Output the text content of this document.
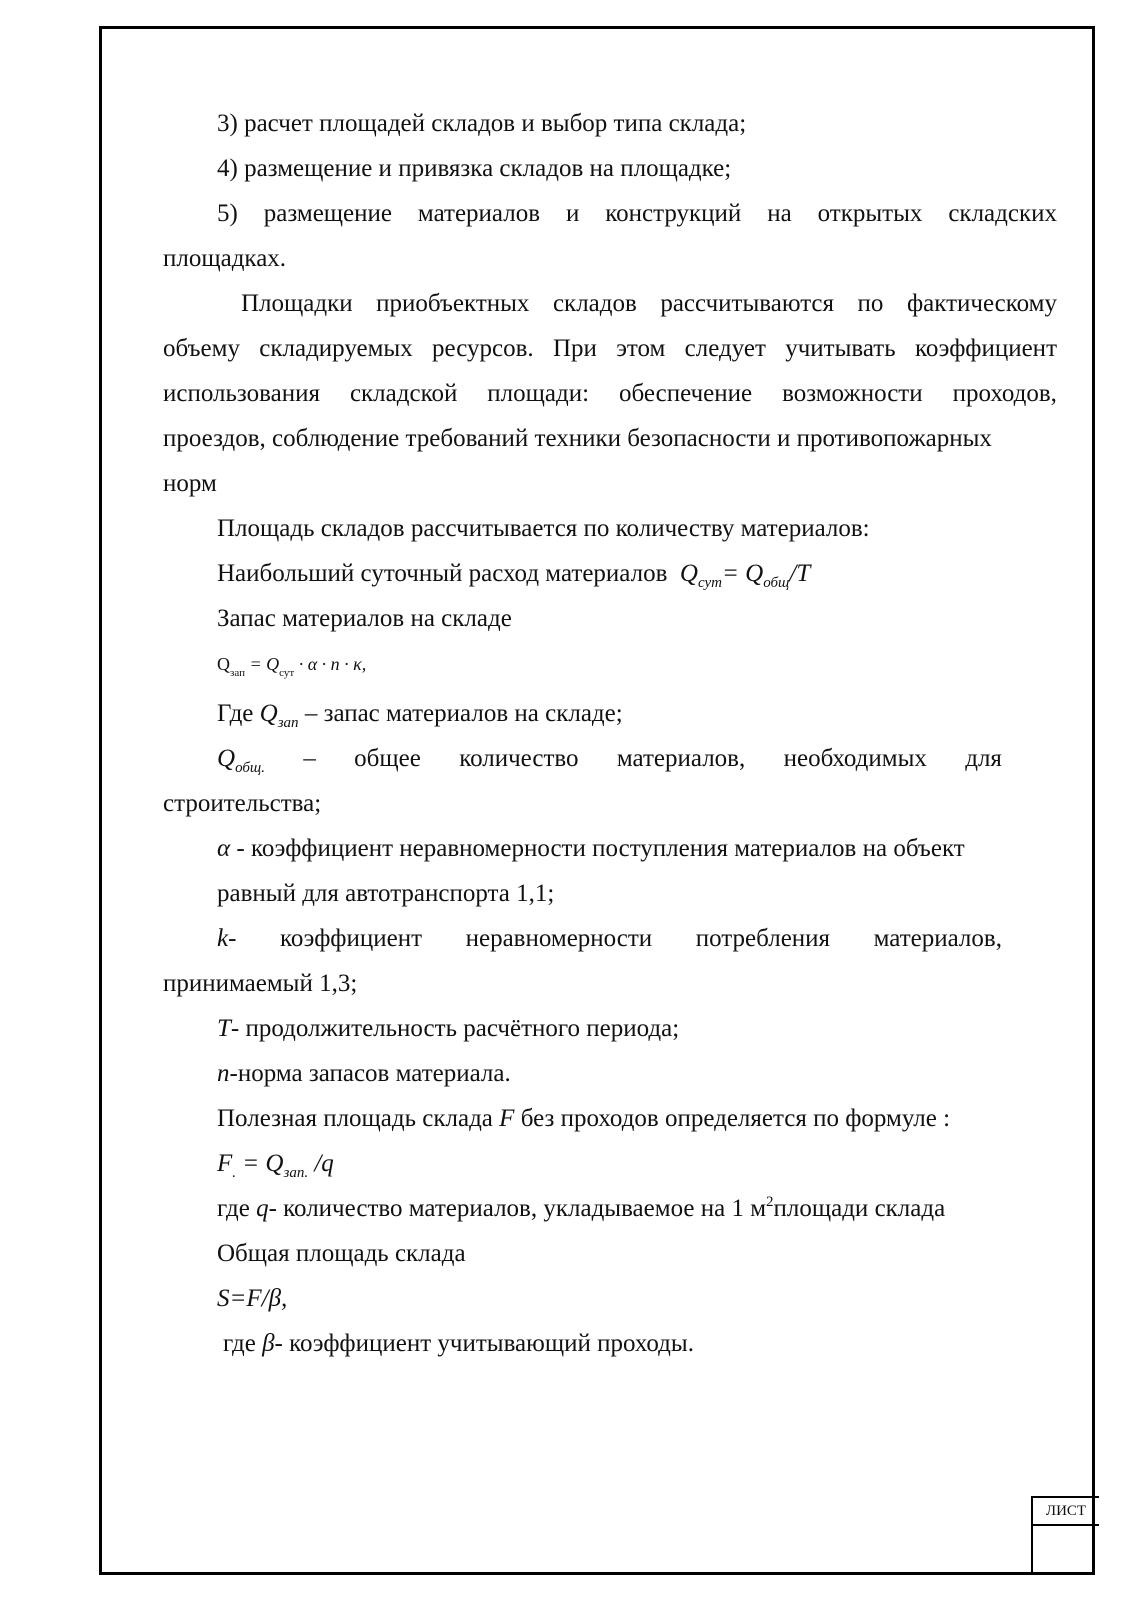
3) расчет площадей складов и выбор типа склада;
4) размещение и привязка складов на площадке;
5) размещение материалов и конструкций на открытых складских
площадках.
Площадки приобъектных складов рассчитываются по фактическому
объему складируемых ресурсов. При этом следует учитывать коэффициент
использования складской площади: обеспечение возможности проходов,
проездов, соблюдение требований техники безопасности и противопожарных
норм
Площадь складов рассчитывается по количеству материалов:
Наибольший суточный расход материалов $Q_{сут}= Q_{общ}/T$
Запас материалов на складе
$Q_{зап} = Q_{сут} \cdot \alpha \cdot n \cdot \kappa$,
Где $Q_{зап}$ – запас материалов на складе;
$Q_{общ.}$ – общее количество материалов, необходимых для
строительства;
α - коэффициент неравномерности поступления материалов на объект
равный для автотранспорта 1,1;
k- коэффициент неравномерности потребления материалов,
принимаемый 1,3;
T- продолжительность расчётного периода;
n-норма запасов материала.
Полезная площадь склада F без проходов определяется по формуле :
$F_. = Q_{зап.}$ /q
где q- количество материалов, укладываемое на 1 $м^2площади$ склада
Общая площадь склада
S=F/β,
где β- коэффициент учитывающий проходы.
ЛИСТ
